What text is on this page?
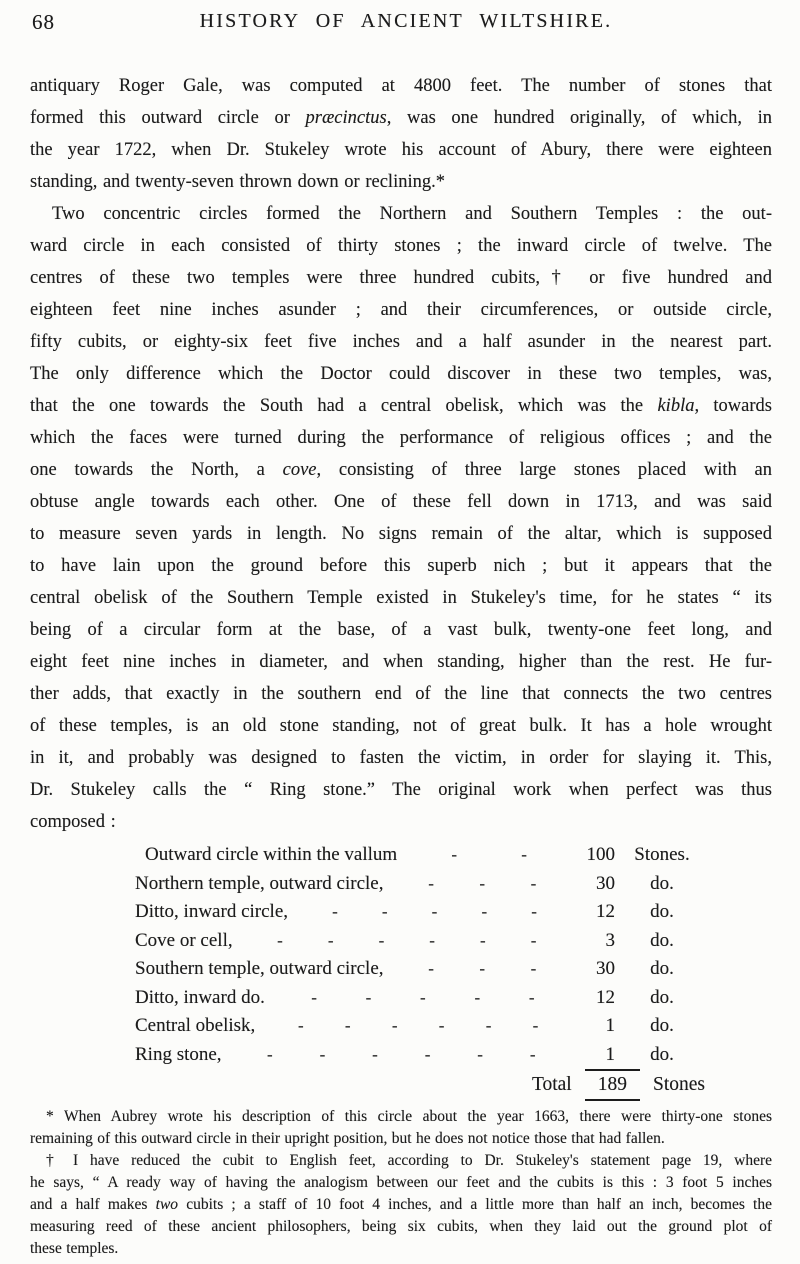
68	HISTORY OF ANCIENT WILTSHIRE.
antiquary Roger Gale, was computed at 4800 feet. The number of stones that
formed this outward circle or præcinctus, was one hundred originally, of which, in
the year 1722, when Dr. Stukeley wrote his account of Abury, there were eighteen
standing, and twenty-seven thrown down or reclining.*
Two concentric circles formed the Northern and Southern Temples : the out-
ward circle in each consisted of thirty stones ; the inward circle of twelve. The
centres of these two temples were three hundred cubits,† or five hundred and
eighteen feet nine inches asunder ; and their circumferences, or outside circle,
fifty cubits, or eighty-six feet five inches and a half asunder in the nearest part.
The only difference which the Doctor could discover in these two temples, was,
that the one towards the South had a central obelisk, which was the kibla, towards
which the faces were turned during the performance of religious offices ; and the
one towards the North, a cove, consisting of three large stones placed with an
obtuse angle towards each other. One of these fell down in 1713, and was said
to measure seven yards in length. No signs remain of the altar, which is supposed
to have lain upon the ground before this superb nich ; but it appears that the
central obelisk of the Southern Temple existed in Stukeley's time, for he states “ its
being of a circular form at the base, of a vast bulk, twenty-one feet long, and
eight feet nine inches in diameter, and when standing, higher than the rest. He fur-
ther adds, that exactly in the southern end of the line that connects the two centres
of these temples, is an old stone standing, not of great bulk. It has a hole wrought
in it, and probably was designed to fasten the victim, in order for slaying it. This,
Dr. Stukeley calls the “ Ring stone.” The original work when perfect was thus
composed :
Outward circle within the vallum	-	-	100	Stones.
Northern temple, outward circle,	-	-	-	30	do.
Ditto, inward circle,	-	-	-	-	-	12	do.
Cove or cell,	-	-	-	-	-	-	3	do.
Southern temple, outward circle,	-	-	-	30	do.
Ditto, inward do.	-	-	-	-	-	12	do.
Central obelisk,	- - - - - -	1	do.
Ring stone,	-	-	-	-	-	-	1	do.
Total	189	Stones
* When Aubrey wrote his description of this circle about the year 1663, there were thirty-one stones
remaining of this outward circle in their upright position, but he does not notice those that had fallen.
† I have reduced the cubit to English feet, according to Dr. Stukeley's statement page 19, where
he says, “ A ready way of having the analogism between our feet and the cubits is this : 3 foot 5 inches
and a half makes two cubits ; a staff of 10 foot 4 inches, and a little more than half an inch, becomes the
measuring reed of these ancient philosophers, being six cubits, when they laid out the ground plot of
these temples.
